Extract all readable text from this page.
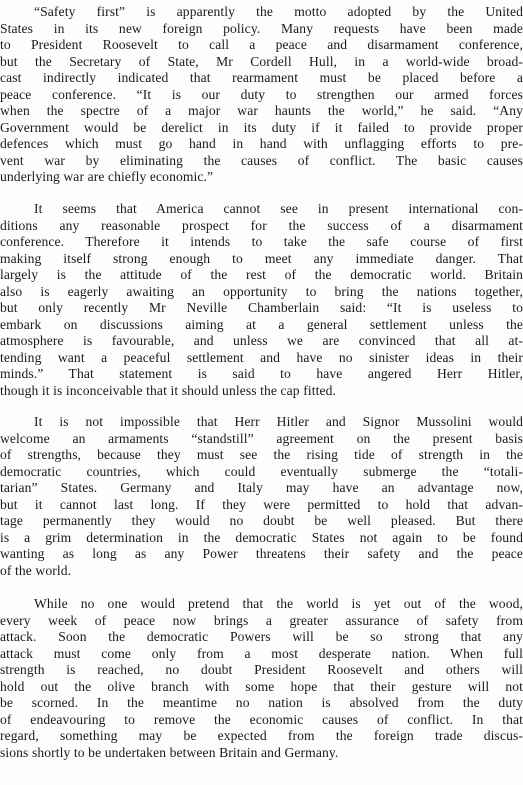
“Safety first” is apparently the motto adopted by the United
States in its new foreign policy. Many requests have been made
to President Roosevelt to call a peace and disarmament conference,
but the Secretary of State, Mr Cordell Hull, in a world-wide broad-
cast indirectly indicated that rearmament must be placed before a
peace conference. “It is our duty to strengthen our armed forces
when the spectre of a major war haunts the world,” he said. “Any
Government would be derelict in its duty if it failed to provide proper
defences which must go hand in hand with unflagging efforts to pre-
vent war by eliminating the causes of conflict. The basic causes
underlying war are chiefly economic.”
It seems that America cannot see in present international con-
ditions any reasonable prospect for the success of a disarmament
conference. Therefore it intends to take the safe course of first
making itself strong enough to meet any immediate danger. That
largely is the attitude of the rest of the democratic world. Britain
also is eagerly awaiting an opportunity to bring the nations together,
but only recently Mr Neville Chamberlain said: “It is useless to
embark on discussions aiming at a general settlement unless the
atmosphere is favourable, and unless we are convinced that all at-
tending want a peaceful settlement and have no sinister ideas in their
minds.” That statement is said to have angered Herr Hitler,
though it is inconceivable that it should unless the cap fitted.
It is not impossible that Herr Hitler and Signor Mussolini would
welcome an armaments “standstill” agreement on the present basis
of strengths, because they must see the rising tide of strength in the
democratic countries, which could eventually submerge the “totali-
tarian” States. Germany and Italy may have an advantage now,
but it cannot last long. If they were permitted to hold that advan-
tage permanently they would no doubt be well pleased. But there
is a grim determination in the democratic States not again to be found
wanting as long as any Power threatens their safety and the peace
of the world.
While no one would pretend that the world is yet out of the wood,
every week of peace now brings a greater assurance of safety from
attack. Soon the democratic Powers will be so strong that any
attack must come only from a most desperate nation. When full
strength is reached, no doubt President Roosevelt and others will
hold out the olive branch with some hope that their gesture will not
be scorned. In the meantime no nation is absolved from the duty
of endeavouring to remove the economic causes of conflict. In that
regard, something may be expected from the foreign trade discus-
sions shortly to be undertaken between Britain and Germany.
